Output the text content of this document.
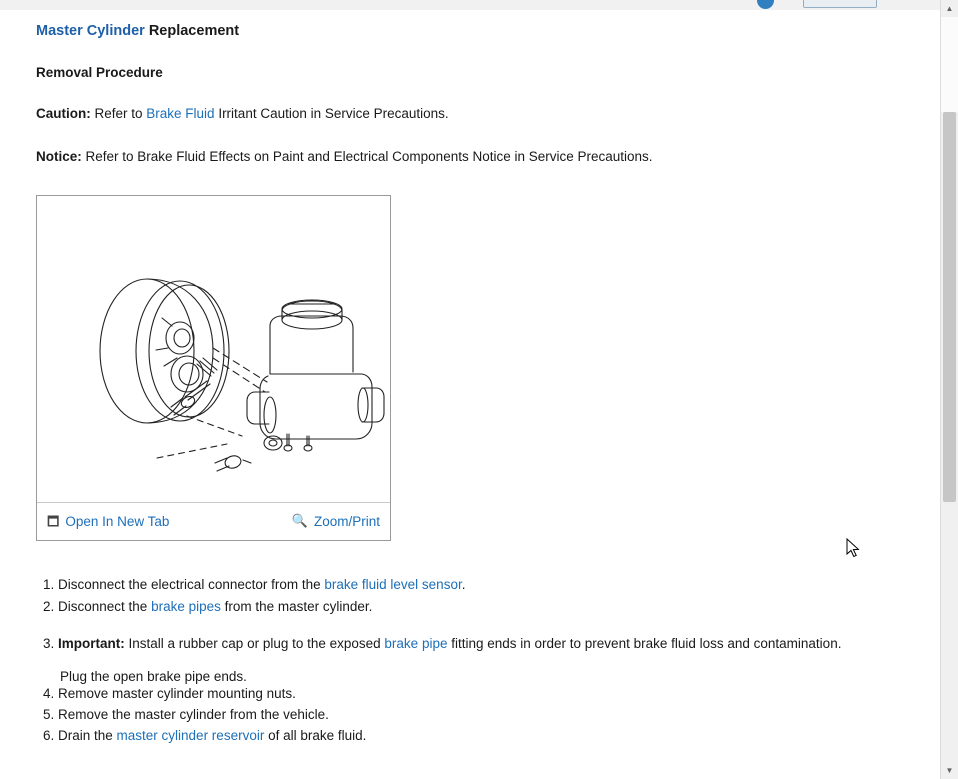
Master Cylinder Replacement
Removal Procedure

Caution: Refer to Brake Fluid Irritant Caution in Service Precautions.

Notice: Refer to Brake Fluid Effects on Paint and Electrical Components Notice in Service Precautions.

🗖 Open In New Tab	🔍 Zoom/Print
1. Disconnect the electrical connector from the brake fluid level sensor.
2. Disconnect the brake pipes from the master cylinder.
3. Important: Install a rubber cap or plug to the exposed brake pipe fitting ends in order to prevent brake fluid loss and contamination.
Plug the open brake pipe ends.
4. Remove master cylinder mounting nuts.
5. Remove the master cylinder from the vehicle.
6. Drain the master cylinder reservoir of all brake fluid.
▲
▼
